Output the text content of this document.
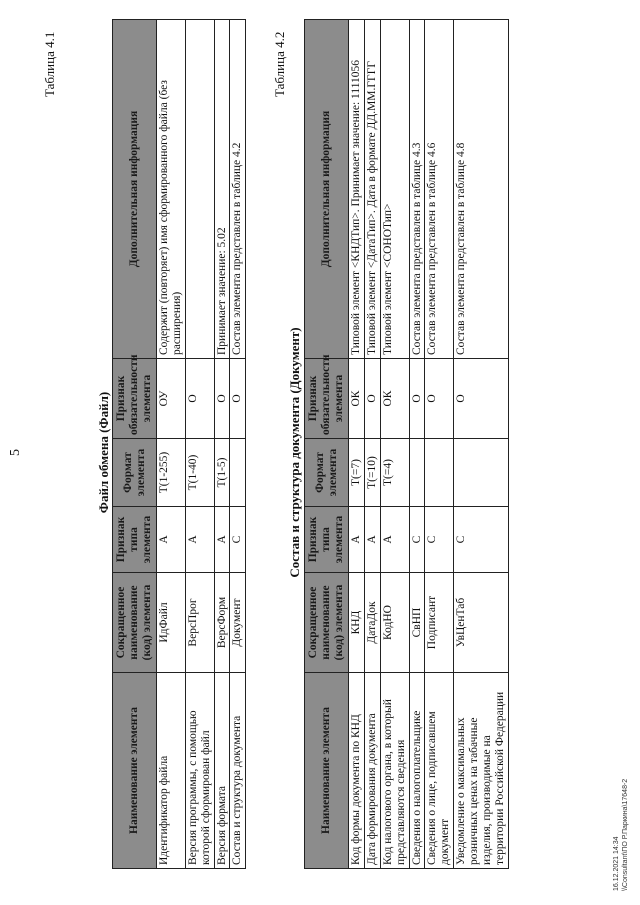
5
Таблица 4.1
Файл обмена (Файл)
Наименование элемента	Сокращенное наименование (код) элемента	Признак типа элемента	Формат элемента	Признак обязательности элемента	Дополнительная информация
Идентификатор файла	ИдФайл	А	T(1-255)	ОУ	Содержит (повторяет) имя сформированного файла (без расширения)
Версия программы, с помощью которой сформирован файл	ВерсПрог	А	T(1-40)	О	
Версия формата	ВерсФорм	А	T(1-5)	О	Принимает значение: 5.02
Состав и структура документа	Документ	С		О	Состав элемента представлен в таблице 4.2
Таблица 4.2
Состав и структура документа (Документ)
Наименование элемента	Сокращенное наименование (код) элемента	Признак типа элемента	Формат элемента	Признак обязательности элемента	Дополнительная информация
Код формы документа по КНД	КНД	А	T(=7)	ОК	Типовой элемент <КНДТип>. Принимает значение: 1111056
Дата формирования документа	ДатаДок	А	T(=10)	О	Типовой элемент <ДатаТип>. Дата в формате ДД.ММ.ГГГГ
Код налогового органа, в который представляются сведения	КодНО	А	T(=4)	ОК	Типовой элемент <СОНОТип>
Сведения о налогоплательщике	СвНП	С		О	Состав элемента представлен в таблице 4.3
Сведения о лице, подписавшем документ	Подписант	С		О	Состав элемента представлен в таблице 4.6
Уведомление о максимальных розничных ценах на табачные изделия, производимые на территории Российской Федерации	УвЦенТаб	С		О	Состав элемента представлен в таблице 4.8
16.12.2021 14:34 \\Consultant\ПО Р.Паркина\17648-2
